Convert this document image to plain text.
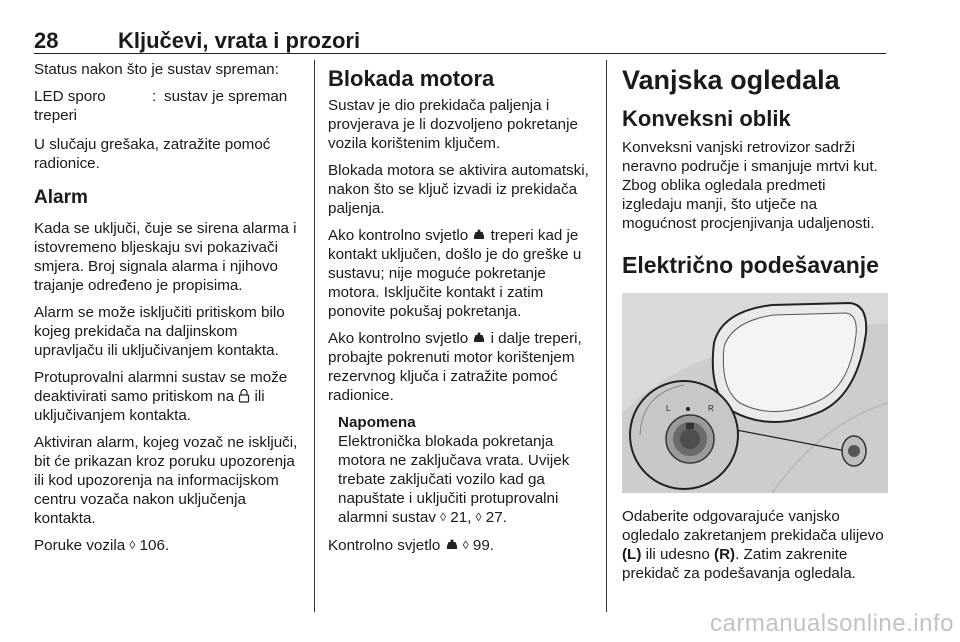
28	Ključevi, vrata i prozori
Status nakon što je sustav spreman:
LED sporo treperi
: sustav je spreman
U slučaju grešaka, zatražite pomoć radionice.
Alarm
Kada se uključi, čuje se sirena alarma i istovremeno bljeskaju svi pokazivači smjera. Broj signala alarma i njihovo trajanje određeno je propisima.
Alarm se može isključiti pritiskom bilo kojeg prekidača na daljinskom upravljaču ili uključivanjem kontakta.
Protuprovalni alarmni sustav se može deaktivirati samo pritiskom na  ili uključivanjem kontakta.
Aktiviran alarm, kojeg vozač ne isključi, bit će prikazan kroz poruku upozorenja ili kod upozorenja na informacijskom centru vozača nakon uključenja kontakta.
Poruke vozila ◊ 106.
Blokada motora
Sustav je dio prekidača paljenja i provjerava je li dozvoljeno pokretanje vozila korištenim ključem.
Blokada motora se aktivira automatski, nakon što se ključ izvadi iz prekidača paljenja.
Ako kontrolno svjetlo  treperi kad je kontakt uključen, došlo je do greške u sustavu; nije moguće pokretanje motora. Isključite kontakt i zatim ponovite pokušaj pokretanja.
Ako kontrolno svjetlo  i dalje treperi, probajte pokrenuti motor korištenjem rezervnog ključa i zatražite pomoć radionice.
Napomena
Elektronička blokada pokretanja motora ne zaključava vrata. Uvijek trebate zaključati vozilo kad ga napuštate i uključiti protuprovalni alarmni sustav ◊ 21, ◊ 27.
Kontrolno svjetlo  ◊ 99.
Vanjska ogledala
Konveksni oblik
Konveksni vanjski retrovizor sadrži neravno područje i smanjuje mrtvi kut. Zbog oblika ogledala predmeti izgledaju manji, što utječe na mogućnost procjenjivanja udaljenosti.
Električno podešavanje
L	R
Odaberite odgovarajuće vanjsko ogledalo zakretanjem prekidača ulijevo (L) ili udesno (R). Zatim zakrenite prekidač za podešavanja ogledala.
carmanualsonline.info
